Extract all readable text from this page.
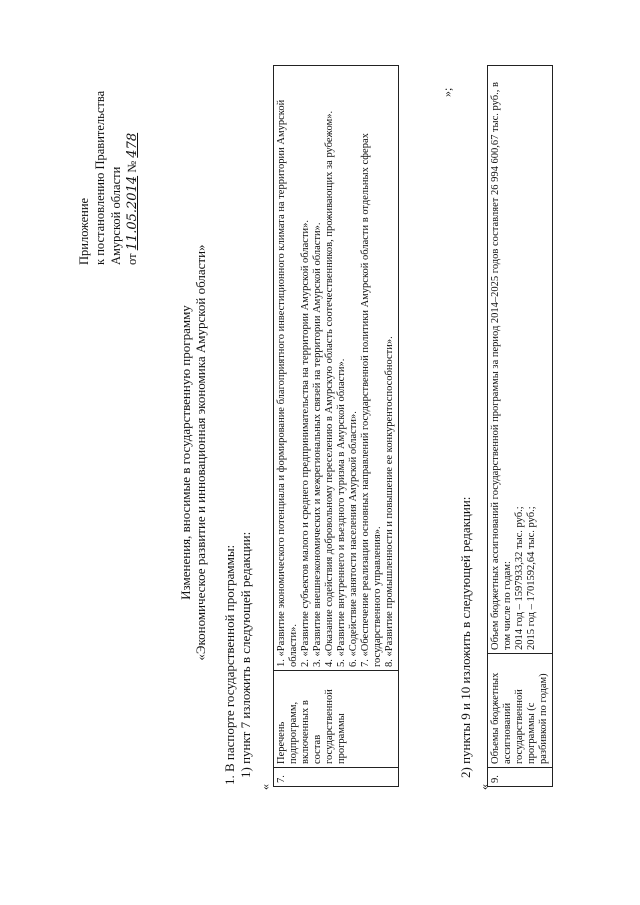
Приложение к постановлению Правительства Амурской области от 11.05.2014 № 478
Изменения, вносимые в государственную программу «Экономическое развитие и инновационная экономика Амурской области»
1. В паспорте государственной программы: 1) пункт 7 изложить в следующей редакции:
«
7.	Перечень подпрограмм, включенных в состав государственной программы	
1. «Развитие экономического потенциала и формирование благоприятного инвестиционного климата на территории Амурской области». 2. «Развитие субъектов малого и среднего предпринимательства на территории Амурской области». 3. «Развитие внешнеэкономических и межрегиональных связей на территории Амурской области». 4. «Оказание содействия добровольному переселению в Амурскую область соотечественников, проживающих за рубежом». 5. «Развитие внутреннего и въездного туризма в Амурской области». 6. «Содействие занятости населения Амурской области». 7. «Обеспечение реализации основных направлений государственной политики Амурской области в отдельных сферах государственного управления». 8. «Развитие промышленности и повышение ее конкурентоспособности».
»;
2) пункты 9 и 10 изложить в следующей редакции:
«
9.	Объемы бюджетных ассигнований государственной программы (с разбивкой по годам)	
Объем бюджетных ассигнований государственной программы за период 2014–2025 годов составляет 26 994 600,67 тыс. руб., в том числе по годам: 2014 год – 1597933,32 тыс. руб.; 2015 год – 1701592,64 тыс. руб.;
